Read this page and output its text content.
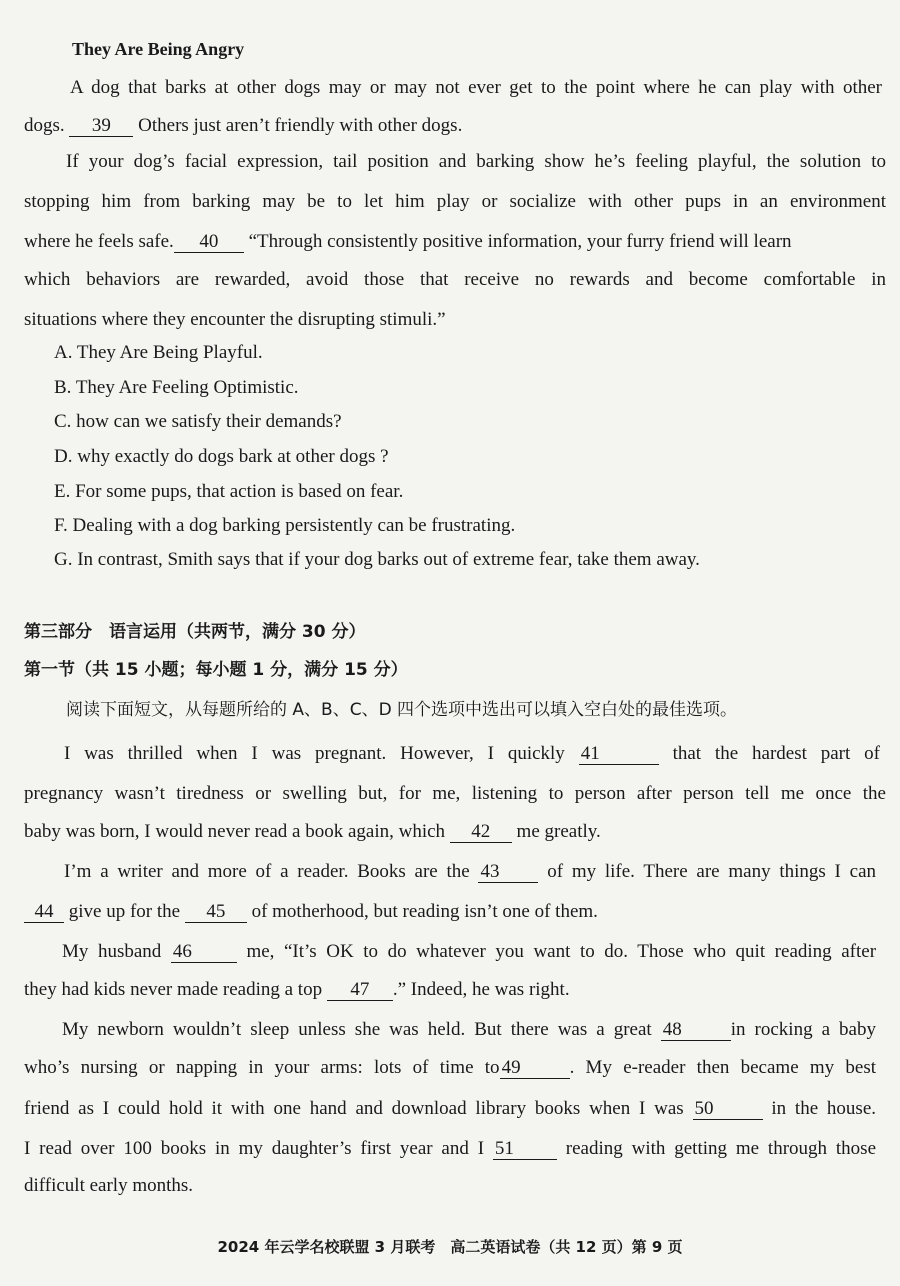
They Are Being Angry
A dog that barks at other dogs may or may not ever get to the point where he can play with other
dogs. 39 Others just aren’t friendly with other dogs.
If your dog’s facial expression, tail position and barking show he’s feeling playful, the solution to
stopping him from barking may be to let him play or socialize with other pups in an environment
where he feels safe. 40 “Through consistently positive information, your furry friend will learn
which behaviors are rewarded, avoid those that receive no rewards and become comfortable in
situations where they encounter the disrupting stimuli.”
A. They Are Being Playful.
B. They Are Feeling Optimistic.
C. how can we satisfy their demands?
D. why exactly do dogs bark at other dogs ?
E. For some pups, that action is based on fear.
F. Dealing with a dog barking persistently can be frustrating.
G. In contrast, Smith says that if your dog barks out of extreme fear, take them away.
第三部分　语言运用（共两节，满分 30 分）
第一节（共 15 小题；每小题 1 分，满分 15 分）
阅读下面短文，从每题所给的 A、B、C、D 四个选项中选出可以填入空白处的最佳选项。
I was thrilled when I was pregnant. However, I quickly 41	that the hardest part of
pregnancy wasn’t tiredness or swelling but, for me, listening to person after person tell me once the
baby was born, I would never read a book again, which 42 me greatly.
I’m a writer and more of a reader. Books are the 43	of my life. There are many things I can
44 give up for the 45 of motherhood, but reading isn’t one of them.
My husband 46	me, “It’s OK to do whatever you want to do. Those who quit reading after
they had kids never made reading a top 47 .” Indeed, he was right.
My newborn wouldn’t sleep unless she was held. But there was a great 48	in rocking a baby
who’s nursing or napping in your arms: lots of time to 49	. My e-reader then became my best
friend as I could hold it with one hand and download library books when I was 50	in the house.
I read over 100 books in my daughter’s first year and I 51	reading with getting me through those
difficult early months.
2024 年云学名校联盟 3 月联考　高二英语试卷（共 12 页）第 9 页
